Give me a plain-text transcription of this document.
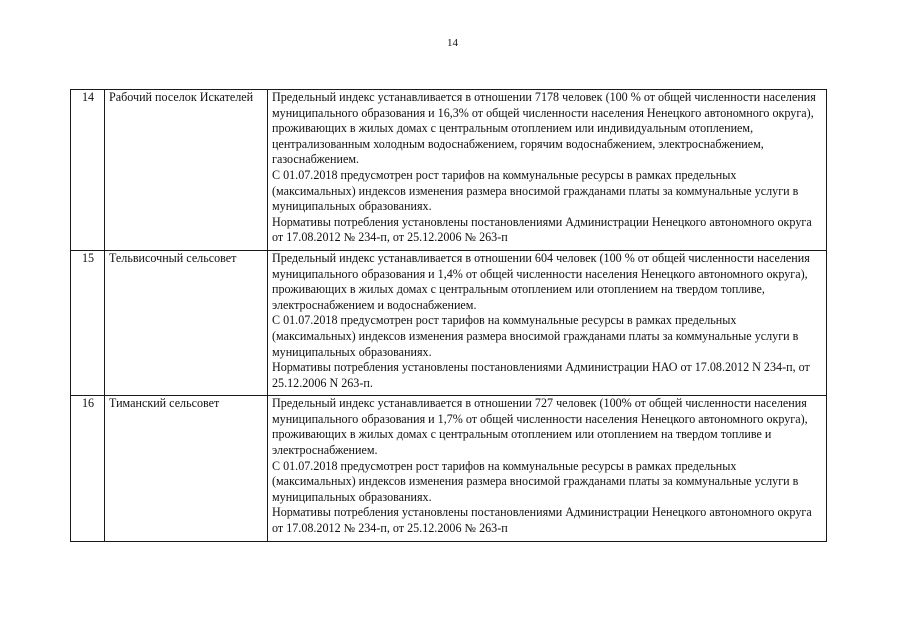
14
14	Рабочий поселок Искателей	Предельный индекс устанавливается в отношении 7178 человек (100 % от общей численности населения муниципального образования и 16,3% от общей численности населения Ненецкого автономного округа), проживающих в жилых домах с центральным отоплением или индивидуальным отоплением, централизованным холодным водоснабжением, горячим водоснабжением, электроснабжением, газоснабжением.
С 01.07.2018 предусмотрен рост тарифов на коммунальные ресурсы в рамках предельных (максимальных) индексов изменения размера вносимой гражданами платы за коммунальные услуги в муниципальных образованиях.
Нормативы потребления установлены постановлениями Администрации Ненецкого автономного округа от 17.08.2012 № 234-п, от 25.12.2006 № 263-п

15	Тельвисочный сельсовет	Предельный индекс устанавливается в отношении 604 человек (100 % от общей численности населения муниципального образования и 1,4% от общей численности населения Ненецкого автономного округа), проживающих в жилых домах с центральным отоплением или отоплением на твердом топливе, электроснабжением и водоснабжением.
С 01.07.2018 предусмотрен рост тарифов на коммунальные ресурсы в рамках предельных (максимальных) индексов изменения размера вносимой гражданами платы за коммунальные услуги в муниципальных образованиях.
Нормативы потребления установлены постановлениями Администрации НАО от 17.08.2012 N 234-п, от 25.12.2006 N 263-п.

16	Тиманский сельсовет	Предельный индекс устанавливается в отношении 727 человек (100% от общей численности населения муниципального образования и 1,7% от общей численности населения Ненецкого автономного округа), проживающих в жилых домах с центральным отоплением или отоплением на твердом топливе и электроснабжением.
С 01.07.2018 предусмотрен рост тарифов на коммунальные ресурсы в рамках предельных (максимальных) индексов изменения размера вносимой гражданами платы за коммунальные услуги в муниципальных образованиях.
Нормативы потребления установлены постановлениями Администрации Ненецкого автономного округа от 17.08.2012 № 234-п, от 25.12.2006 № 263-п
